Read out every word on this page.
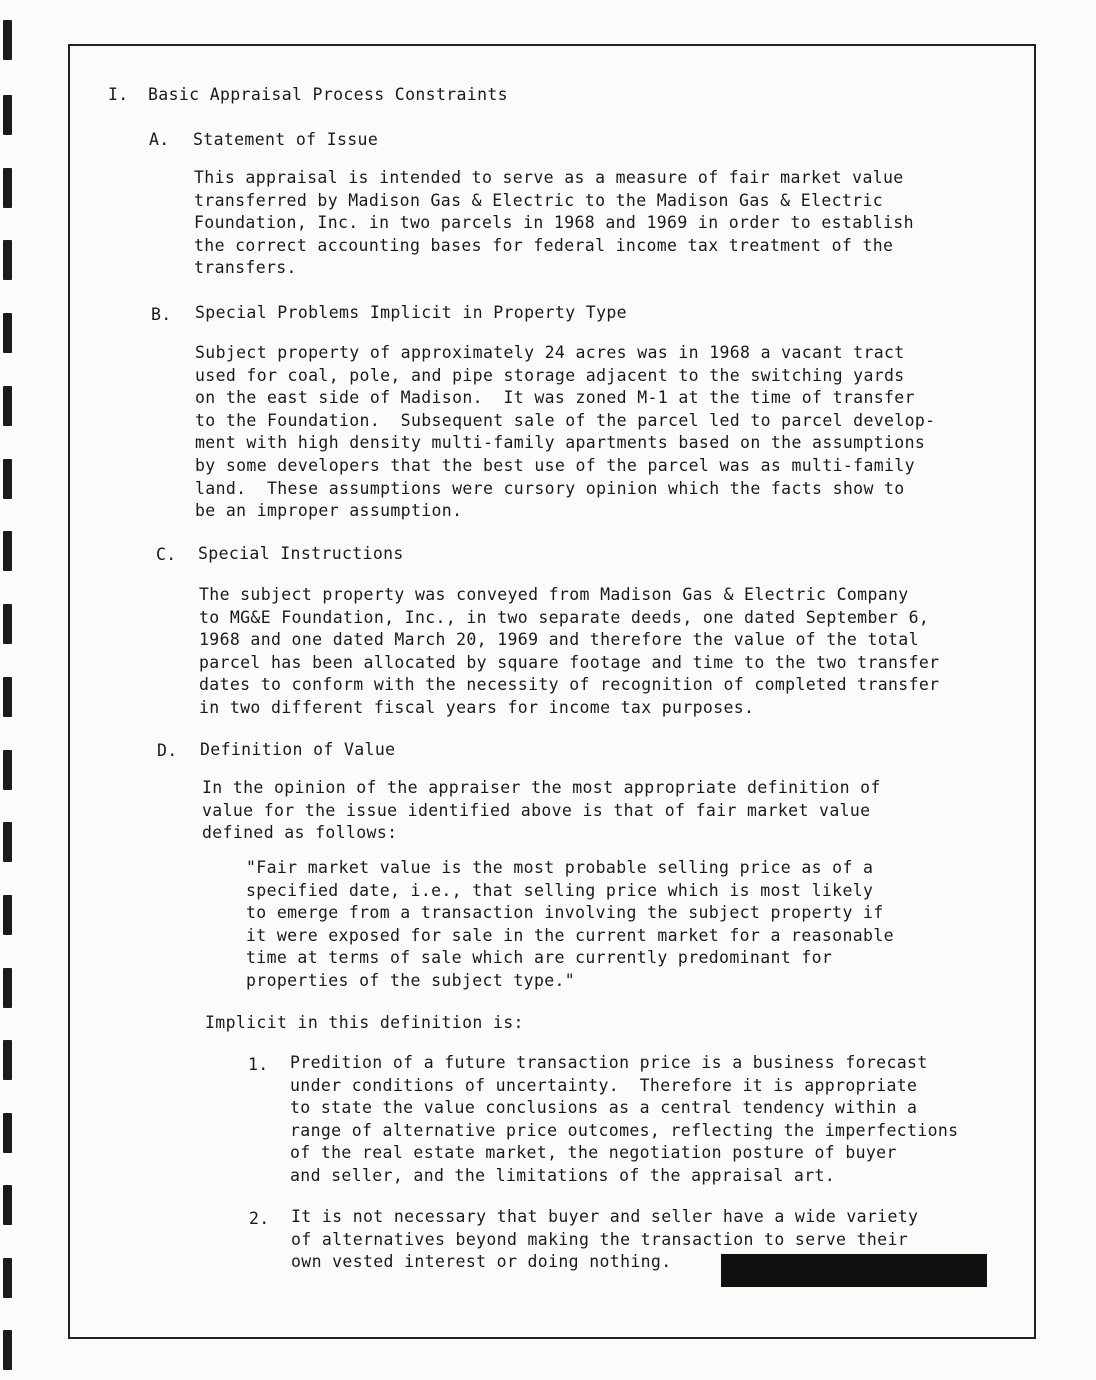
I. Basic Appraisal Process Constraints
A. Statement of Issue
This appraisal is intended to serve as a measure of fair market value
transferred by Madison Gas & Electric to the Madison Gas & Electric
Foundation, Inc. in two parcels in 1968 and 1969 in order to establish
the correct accounting bases for federal income tax treatment of the
transfers.
B. Special Problems Implicit in Property Type
Subject property of approximately 24 acres was in 1968 a vacant tract
used for coal, pole, and pipe storage adjacent to the switching yards
on the east side of Madison.  It was zoned M-1 at the time of transfer
to the Foundation.  Subsequent sale of the parcel led to parcel develop-
ment with high density multi-family apartments based on the assumptions
by some developers that the best use of the parcel was as multi-family
land.  These assumptions were cursory opinion which the facts show to
be an improper assumption.
C. Special Instructions
The subject property was conveyed from Madison Gas & Electric Company
to MG&E Foundation, Inc., in two separate deeds, one dated September 6,
1968 and one dated March 20, 1969 and therefore the value of the total
parcel has been allocated by square footage and time to the two transfer
dates to conform with the necessity of recognition of completed transfer
in two different fiscal years for income tax purposes.
D. Definition of Value
In the opinion of the appraiser the most appropriate definition of
value for the issue identified above is that of fair market value
defined as follows:
"Fair market value is the most probable selling price as of a
specified date, i.e., that selling price which is most likely
to emerge from a transaction involving the subject property if
it were exposed for sale in the current market for a reasonable
time at terms of sale which are currently predominant for
properties of the subject type."
Implicit in this definition is:
1. Predition of a future transaction price is a business forecast
under conditions of uncertainty.  Therefore it is appropriate
to state the value conclusions as a central tendency within a
range of alternative price outcomes, reflecting the imperfections
of the real estate market, the negotiation posture of buyer
and seller, and the limitations of the appraisal art.
2. It is not necessary that buyer and seller have a wide variety
of alternatives beyond making the transaction to serve their
own vested interest or doing nothing.
